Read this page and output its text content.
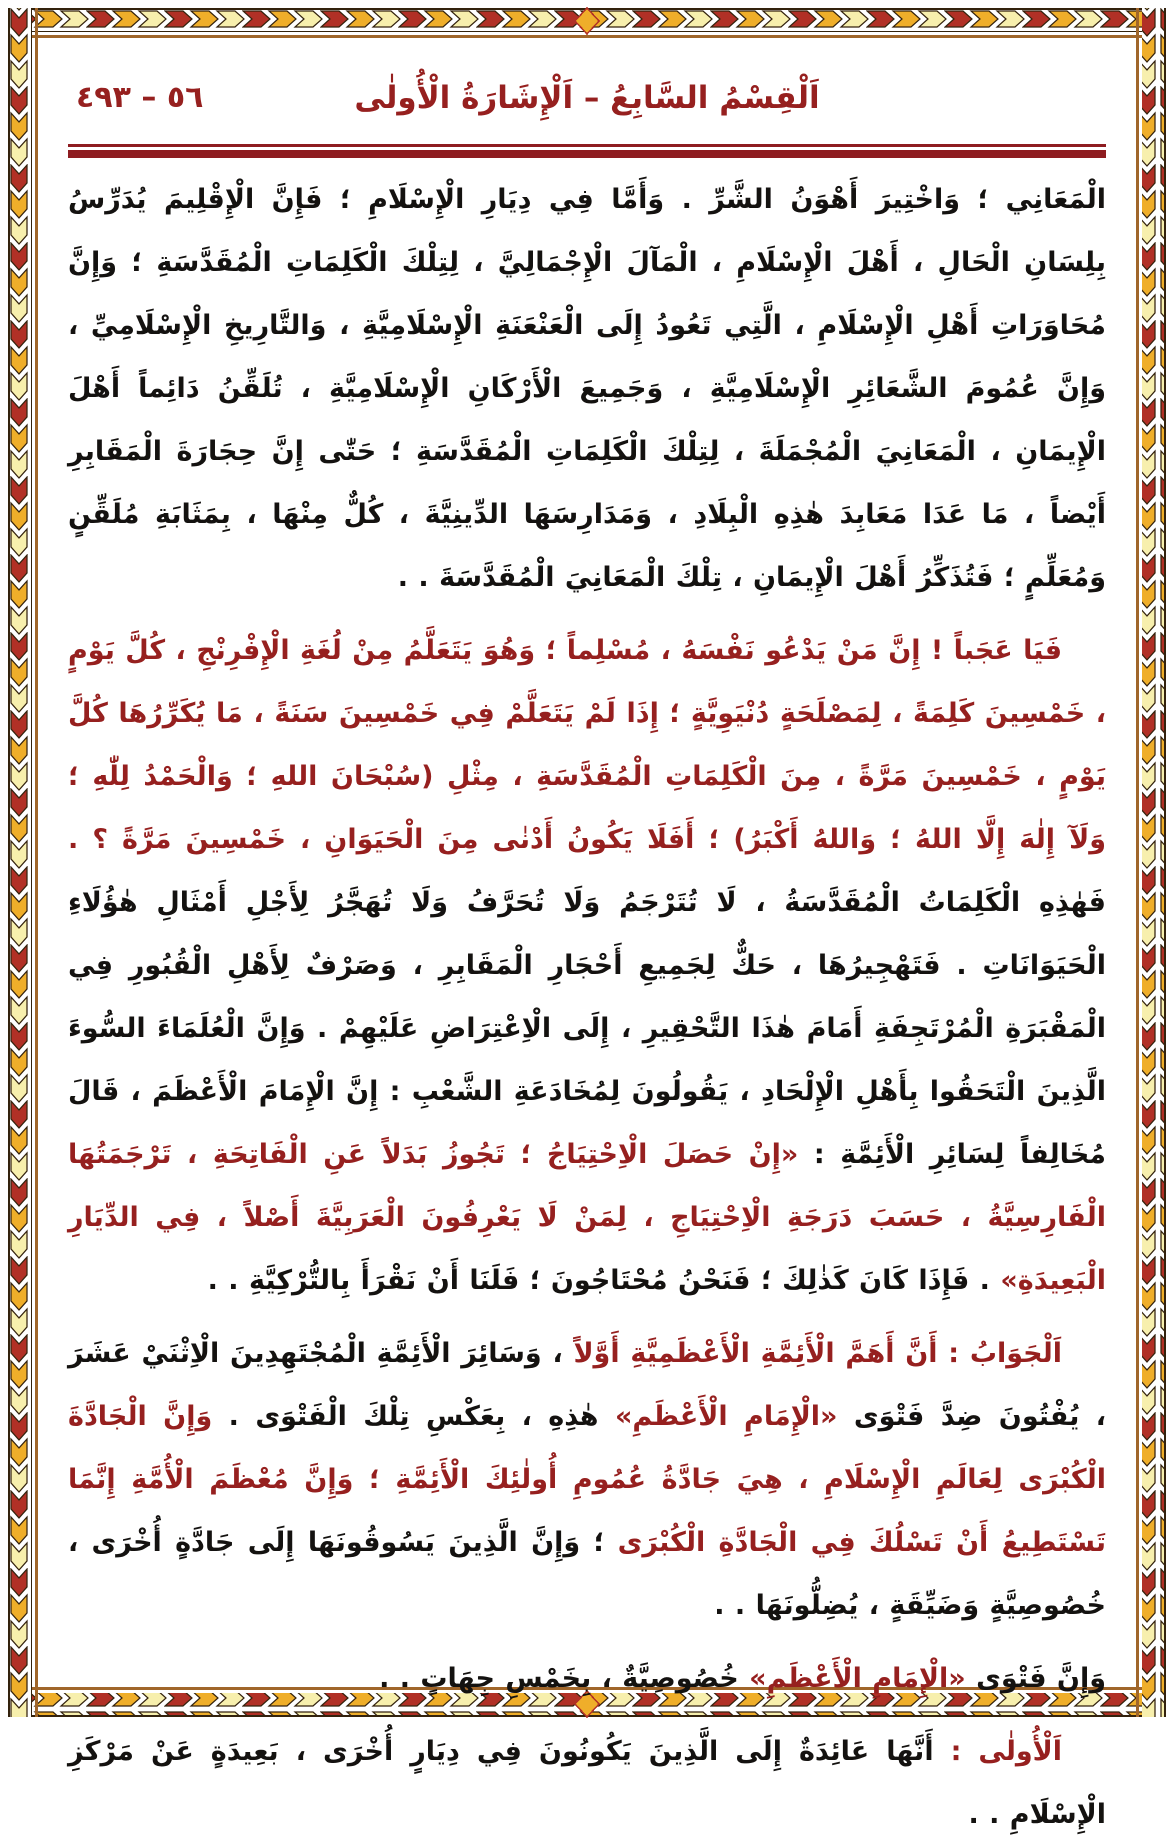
٥٦ – ٤٩٣	اَلْقِسْمُ السَّابِعُ – اَلْإِشَارَةُ الْأُولٰى

الْمَعَانِي ؛ وَاخْتِيرَ أَهْوَنُ الشَّرِّ . وَأَمَّا فِي دِيَارِ الْإِسْلَامِ ؛ فَإِنَّ الْإِقْلِيمَ يُدَرِّسُ بِلِسَانِ الْحَالِ ، أَهْلَ الْإِسْلَامِ ، الْمَآلَ الْإِجْمَالِيَّ ، لِتِلْكَ الْكَلِمَاتِ الْمُقَدَّسَةِ ؛ وَإِنَّ مُحَاوَرَاتِ أَهْلِ الْإِسْلَامِ ، الَّتِي تَعُودُ إِلَى الْعَنْعَنَةِ الْإِسْلَامِيَّةِ ، وَالتَّارِيخِ الْإِسْلَامِيِّ ، وَإِنَّ عُمُومَ الشَّعَائِرِ الْإِسْلَامِيَّةِ ، وَجَمِيعَ الْأَرْكَانِ الْإِسْلَامِيَّةِ ، تُلَقِّنُ دَائِماً أَهْلَ الْإِيمَانِ ، الْمَعَانِيَ الْمُجْمَلَةَ ، لِتِلْكَ الْكَلِمَاتِ الْمُقَدَّسَةِ ؛ حَتّٰى إِنَّ حِجَارَةَ الْمَقَابِرِ أَيْضاً ، مَا عَدَا مَعَابِدَ هٰذِهِ الْبِلَادِ ، وَمَدَارِسَهَا الدِّينِيَّةَ ، كُلٌّ مِنْهَا ، بِمَثَابَةِ مُلَقِّنٍ وَمُعَلِّمٍ ؛ فَتُذَكِّرُ أَهْلَ الْإِيمَانِ ، تِلْكَ الْمَعَانِيَ الْمُقَدَّسَةَ . .

فَيَا عَجَباً ! إِنَّ مَنْ يَدْعُو نَفْسَهُ ، مُسْلِماً ؛ وَهُوَ يَتَعَلَّمُ مِنْ لُغَةِ الْإِفْرِنْجِ ، كُلَّ يَوْمٍ ، خَمْسِينَ كَلِمَةً ، لِمَصْلَحَةٍ دُنْيَوِيَّةٍ ؛ إِذَا لَمْ يَتَعَلَّمْ فِي خَمْسِينَ سَنَةً ، مَا يُكَرِّرُهَا كُلَّ يَوْمٍ ، خَمْسِينَ مَرَّةً ، مِنَ الْكَلِمَاتِ الْمُقَدَّسَةِ ، مِثْلِ (سُبْحَانَ اللهِ ؛ وَالْحَمْدُ لِلّٰهِ ؛ وَلَآ إِلٰهَ إِلَّا اللهُ ؛ وَاللهُ أَكْبَرُ) ؛ أَفَلَا يَكُونُ أَدْنٰى مِنَ الْحَيَوَانِ ، خَمْسِينَ مَرَّةً ؟ . فَهٰذِهِ الْكَلِمَاتُ الْمُقَدَّسَةُ ، لَا تُتَرْجَمُ وَلَا تُحَرَّفُ وَلَا تُهَجَّرُ لِأَجْلِ أَمْثَالِ هٰؤُلَاءِ الْحَيَوَانَاتِ . فَتَهْجِيرُهَا ، حَكٌّ لِجَمِيعِ أَحْجَارِ الْمَقَابِرِ ، وَصَرْفٌ لِأَهْلِ الْقُبُورِ فِي الْمَقْبَرَةِ الْمُرْتَجِفَةِ أَمَامَ هٰذَا التَّحْقِيرِ ، إِلَى الْاِعْتِرَاضِ عَلَيْهِمْ . وَإِنَّ الْعُلَمَاءَ السُّوءَ الَّذِينَ الْتَحَقُوا بِأَهْلِ الْإِلْحَادِ ، يَقُولُونَ لِمُخَادَعَةِ الشَّعْبِ : إِنَّ الْإِمَامَ الْأَعْظَمَ ، قَالَ مُخَالِفاً لِسَائِرِ الْأَئِمَّةِ : «إِنْ حَصَلَ الْاِحْتِيَاجُ ؛ تَجُوزُ بَدَلاً عَنِ الْفَاتِحَةِ ، تَرْجَمَتُهَا الْفَارِسِيَّةُ ، حَسَبَ دَرَجَةِ الْاِحْتِيَاجِ ، لِمَنْ لَا يَعْرِفُونَ الْعَرَبِيَّةَ أَصْلاً ، فِي الدِّيَارِ الْبَعِيدَةِ» . فَإِذَا كَانَ كَذٰلِكَ ؛ فَنَحْنُ مُحْتَاجُونَ ؛ فَلَنَا أَنْ نَقْرَأَ بِالتُّرْكِيَّةِ . .

اَلْجَوَابُ : أَنَّ أَهَمَّ الْأَئِمَّةِ الْأَعْظَمِيَّةِ أَوَّلاً ، وَسَائِرَ الْأَئِمَّةِ الْمُجْتَهِدِينَ الْاِثْنَيْ عَشَرَ ، يُفْتُونَ ضِدَّ فَتْوَى «الْإِمَامِ الْأَعْظَمِ» هٰذِهِ ، بِعَكْسِ تِلْكَ الْفَتْوَى . وَإِنَّ الْجَادَّةَ الْكُبْرَى لِعَالَمِ الْإِسْلَامِ ، هِيَ جَادَّةُ عُمُومِ أُولٰئِكَ الْأَئِمَّةِ ؛ وَإِنَّ مُعْظَمَ الْأُمَّةِ إِنَّمَا تَسْتَطِيعُ أَنْ تَسْلُكَ فِي الْجَادَّةِ الْكُبْرَى ؛ وَإِنَّ الَّذِينَ يَسُوقُونَهَا إِلَى جَادَّةٍ أُخْرَى ، خُصُوصِيَّةٍ وَضَيِّقَةٍ ، يُضِلُّونَهَا . .

وَإِنَّ فَتْوَى «الْإِمَامِ الْأَعْظَمِ» خُصُوصِيَّةٌ ، بِخَمْسِ جِهَاتٍ . .

اَلْأُولٰى : أَنَّهَا عَائِدَةٌ إِلَى الَّذِينَ يَكُونُونَ فِي دِيَارٍ أُخْرَى ، بَعِيدَةٍ عَنْ مَرْكَزِ الْإِسْلَامِ . .
